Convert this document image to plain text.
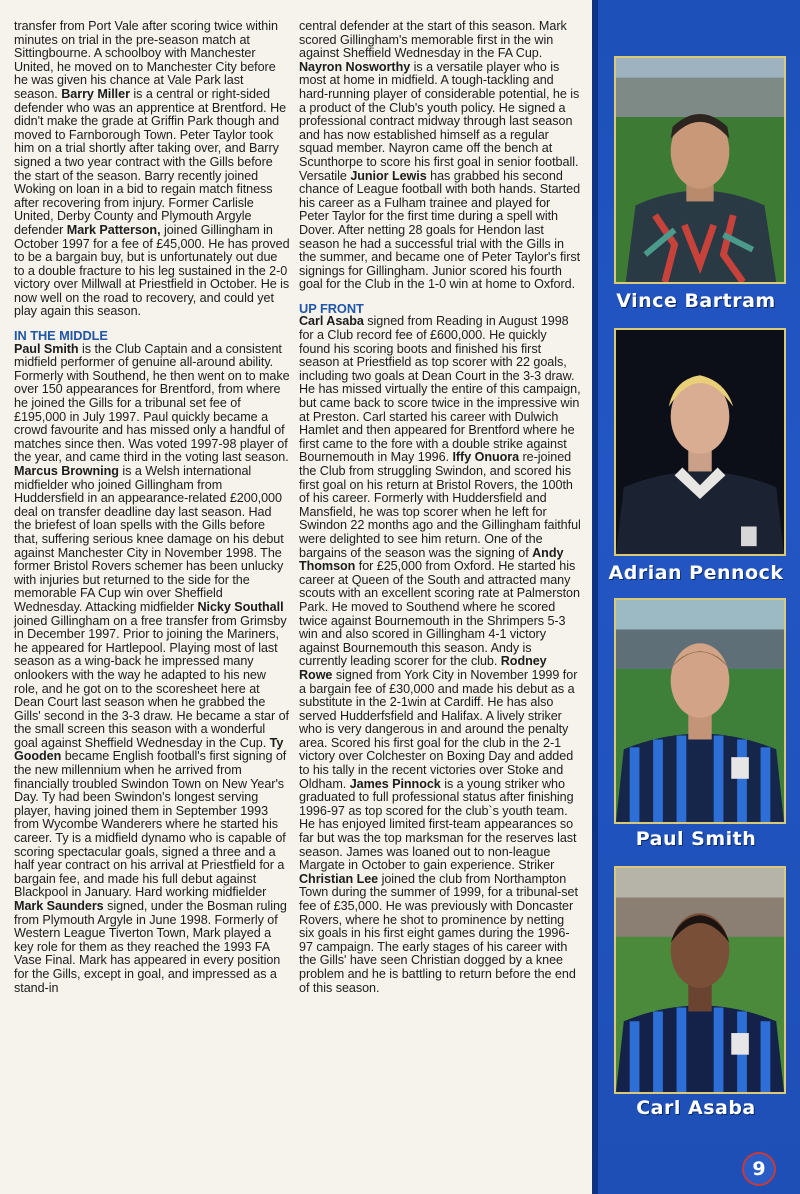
transfer from Port Vale after scoring twice within minutes on trial in the pre-season match at Sittingbourne. A schoolboy with Manchester United, he moved on to Manchester City before he was given his chance at Vale Park last season. Barry Miller is a central or right-sided defender who was an apprentice at Brentford. He didn't make the grade at Griffin Park though and moved to Farnborough Town. Peter Taylor took him on a trial shortly after taking over, and Barry signed a two year contract with the Gills before the start of the season. Barry recently joined Woking on loan in a bid to regain match fitness after recovering from injury. Former Carlisle United, Derby County and Plymouth Argyle defender Mark Patterson, joined Gillingham in October 1997 for a fee of £45,000. He has proved to be a bargain buy, but is unfortunately out due to a double fracture to his leg sustained in the 2-0 victory over Millwall at Priestfield in October. He is now well on the road to recovery, and could yet play again this season.

IN THE MIDDLE

Paul Smith is the Club Captain and a consistent midfield performer of genuine all-around ability. Formerly with Southend, he then went on to make over 150 appearances for Brentford, from where he joined the Gills for a tribunal set fee of £195,000 in July 1997. Paul quickly became a crowd favourite and has missed only a handful of matches since then. Was voted 1997-98 player of the year, and came third in the voting last season. Marcus Browning is a Welsh international midfielder who joined Gillingham from Huddersfield in an appearance-related £200,000 deal on transfer deadline day last season. Had the briefest of loan spells with the Gills before that, suffering serious knee damage on his debut against Manchester City in November 1998. The former Bristol Rovers schemer has been unlucky with injuries but returned to the side for the memorable FA Cup win over Sheffield Wednesday. Attacking midfielder Nicky Southall joined Gillingham on a free transfer from Grimsby in December 1997. Prior to joining the Mariners, he appeared for Hartlepool. Playing most of last season as a wing-back he impressed many onlookers with the way he adapted to his new role, and he got on to the scoresheet here at Dean Court last season when he grabbed the Gills' second in the 3-3 draw. He became a star of the small screen this season with a wonderful goal against Sheffield Wednesday in the Cup. Ty Gooden became English football's first signing of the new millennium when he arrived from financially troubled Swindon Town on New Year's Day. Ty had been Swindon's longest serving player, having joined them in September 1993 from Wycombe Wanderers where he started his career. Ty is a midfield dynamo who is capable of scoring spectacular goals, signed a three and a half year contract on his arrival at Priestfield for a bargain fee, and made his full debut against Blackpool in January. Hard working midfielder Mark Saunders signed, under the Bosman ruling from Plymouth Argyle in June 1998. Formerly of Western League Tiverton Town, Mark played a key role for them as they reached the 1993 FA Vase Final. Mark has appeared in every position for the Gills, except in goal, and impressed as a stand-in

central defender at the start of this season. Mark scored Gillingham's memorable first in the win against Sheffield Wednesday in the FA Cup. Nayron Nosworthy is a versatile player who is most at home in midfield. A tough-tackling and hard-running player of considerable potential, he is a product of the Club's youth policy. He signed a professional contract midway through last season and has now established himself as a regular squad member. Nayron came off the bench at Scunthorpe to score his first goal in senior football. Versatile Junior Lewis has grabbed his second chance of League football with both hands. Started his career as a Fulham trainee and played for Peter Taylor for the first time during a spell with Dover. After netting 28 goals for Hendon last season he had a successful trial with the Gills in the summer, and became one of Peter Taylor's first signings for Gillingham. Junior scored his fourth goal for the Club in the 1-0 win at home to Oxford.

UP FRONT

Carl Asaba signed from Reading in August 1998 for a Club record fee of £600,000. He quickly found his scoring boots and finished his first season at Priestfield as top scorer with 22 goals, including two goals at Dean Court in the 3-3 draw. He has missed virtually the entire of this campaign, but came back to score twice in the impressive win at Preston. Carl started his career with Dulwich Hamlet and then appeared for Brentford where he first came to the fore with a double strike against Bournemouth in May 1996. Iffy Onuora re-joined the Club from struggling Swindon, and scored his first goal on his return at Bristol Rovers, the 100th of his career. Formerly with Huddersfield and Mansfield, he was top scorer when he left for Swindon 22 months ago and the Gillingham faithful were delighted to see him return. One of the bargains of the season was the signing of Andy Thomson for £25,000 from Oxford. He started his career at Queen of the South and attracted many scouts with an excellent scoring rate at Palmerston Park. He moved to Southend where he scored twice against Bournemouth in the Shrimpers 5-3 win and also scored in Gillingham 4-1 victory against Bournemouth this season. Andy is currently leading scorer for the club. Rodney Rowe signed from York City in November 1999 for a bargain fee of £30,000 and made his debut as a substitute in the 2-1win at Cardiff. He has also served Hudderfsfield and Halifax. A lively striker who is very dangerous in and around the penalty area. Scored his first goal for the club in the 2-1 victory over Colchester on Boxing Day and added to his tally in the recent victories over Stoke and Oldham. James Pinnock is a young striker who graduated to full professional status after finishing 1996-97 as top scored for the club`s youth team. He has enjoyed limited first-team appearances so far but was the top marksman for the reserves last season. James was loaned out to non-league Margate in October to gain experience. Striker Christian Lee joined the club from Northampton Town during the summer of 1999, for a tribunal-set fee of £35,000. He was previously with Doncaster Rovers, where he shot to prominence by netting six goals in his first eight games during the 1996-97 campaign. The early stages of his career with the Gills' have seen Christian dogged by a knee problem and he is battling to return before the end of this season.

Vince Bartram
Adrian Pennock
Paul Smith
Carl Asaba
9
